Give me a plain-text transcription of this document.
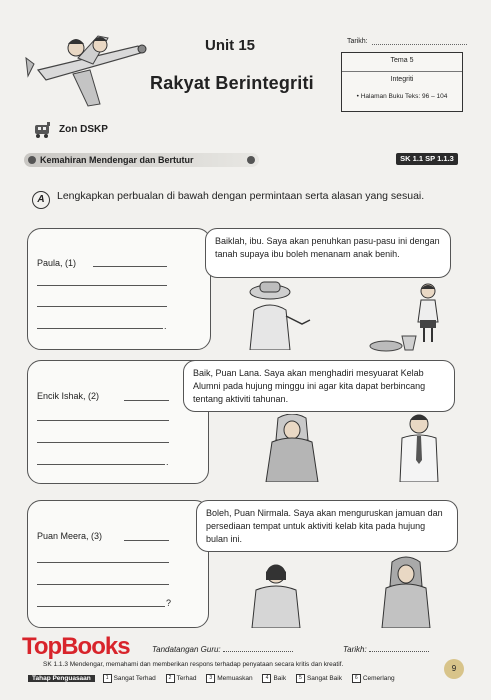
Unit 15
Rakyat Berintegriti
Tarikh:
Tema 5
Integriti
• Halaman Buku Teks: 96 – 104
Zon DSKP
Kemahiran Mendengar dan Bertutur	SK 1.1 SP 1.1.3
A	Lengkapkan perbualan di bawah dengan permintaan serta alasan yang sesuai.
Paula, (1)
.
Baiklah, ibu. Saya akan penuhkan pasu-pasu ini dengan tanah supaya ibu boleh menanam anak benih.
Encik Ishak, (2)
.
Baik, Puan Lana. Saya akan menghadiri mesyuarat Kelab Alumni pada hujung minggu ini agar kita dapat berbincang tentang aktiviti tahunan.
Puan Meera, (3)
?
Boleh, Puan Nirmala. Saya akan menguruskan jamuan dan persediaan tempat untuk aktiviti kelab kita pada hujung bulan ini.
Tandatangan Guru:	Tarikh:
SK 1.1.3 Mendengar, memahami dan memberikan respons terhadap penyataan secara kritis dan kreatif.
Tahap Penguasaan	1 Sangat Terhad	2 Terhad	3 Memuaskan	4 Baik	5 Sangat Baik	6 Cemerlang
9
TopBooks
